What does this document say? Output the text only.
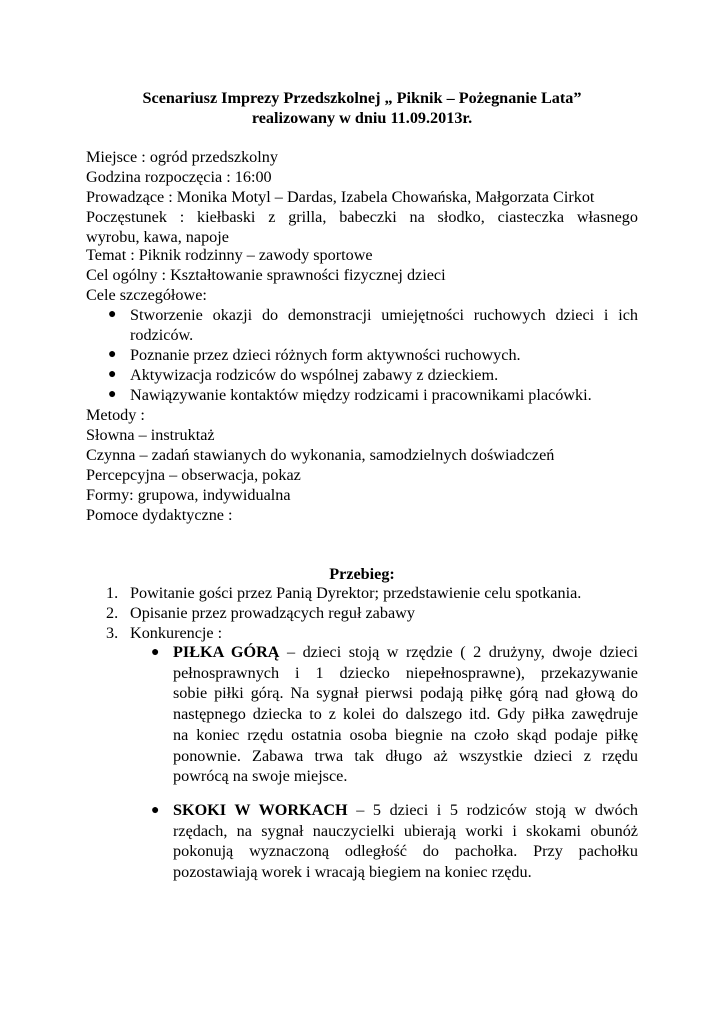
Scenariusz Imprezy Przedszkolnej „ Piknik – Pożegnanie Lata”
realizowany w dniu 11.09.2013r.
Miejsce : ogród przedszkolny
Godzina rozpoczęcia : 16:00
Prowadzące : Monika Motyl – Dardas, Izabela Chowańska, Małgorzata Cirkot
Poczęstunek : kiełbaski z grilla, babeczki na słodko, ciasteczka własnego
wyrobu, kawa, napoje
Temat : Piknik rodzinny – zawody sportowe
Cel ogólny : Kształtowanie sprawności fizycznej dzieci
Cele szczegółowe:
● Stworzenie okazji do demonstracji umiejętności ruchowych dzieci i ich
rodziców.
● Poznanie przez dzieci różnych form aktywności ruchowych.
● Aktywizacja rodziców do wspólnej zabawy z dzieckiem.
● Nawiązywanie kontaktów między rodzicami i pracownikami placówki.
Metody :
Słowna – instruktaż
Czynna – zadań stawianych do wykonania, samodzielnych doświadczeń
Percepcyjna – obserwacja, pokaz
Formy: grupowa, indywidualna
Pomoce dydaktyczne :
Przebieg:
1. Powitanie gości przez Panią Dyrektor; przedstawienie celu spotkania.
2. Opisanie przez prowadzących reguł zabawy
3. Konkurencje :
● PIŁKA GÓRĄ – dzieci stoją w rzędzie ( 2 drużyny, dwoje dzieci
pełnosprawnych i 1 dziecko niepełnosprawne), przekazywanie
sobie piłki górą. Na sygnał pierwsi podają piłkę górą nad głową do
następnego dziecka to z kolei do dalszego itd. Gdy piłka zawędruje
na koniec rzędu ostatnia osoba biegnie na czoło skąd podaje piłkę
ponownie. Zabawa trwa tak długo aż wszystkie dzieci z rzędu
powrócą na swoje miejsce.
● SKOKI W WORKACH – 5 dzieci i 5 rodziców stoją w dwóch
rzędach, na sygnał nauczycielki ubierają worki i skokami obunóż
pokonują wyznaczoną odległość do pachołka. Przy pachołku
pozostawiają worek i wracają biegiem na koniec rzędu.
